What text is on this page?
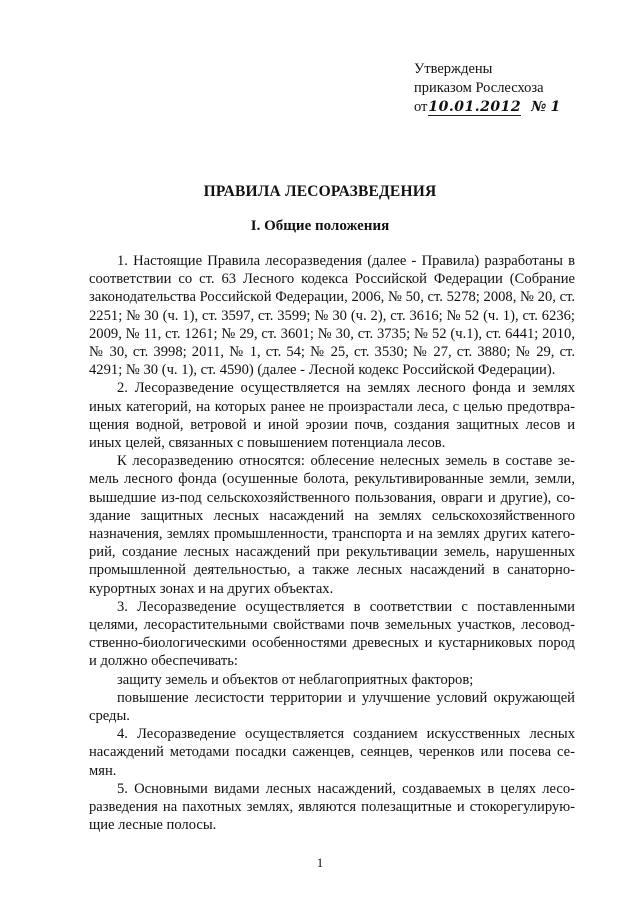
Утверждены
приказом Рослесхоза
от10.01.2012 № 1
ПРАВИЛА ЛЕСОРАЗВЕДЕНИЯ
I. Общие положения

1. Настоящие Правила лесоразведения (далее - Правила) разработаны в соответствии со ст. 63 Лесного кодекса Российской Федерации (Собрание законодательства Российской Федерации, 2006, № 50, ст. 5278; 2008, № 20, ст. 2251; № 30 (ч. 1), ст. 3597, ст. 3599; № 30 (ч. 2), ст. 3616; № 52 (ч. 1), ст. 6236; 2009, № 11, ст. 1261; № 29, ст. 3601; № 30, ст. 3735; № 52 (ч.1), ст. 6441; 2010, № 30, ст. 3998; 2011, № 1, ст. 54; № 25, ст. 3530; № 27, ст. 3880; № 29, ст. 4291; № 30 (ч. 1), ст. 4590) (далее - Лесной кодекс Российской Федерации).

2. Лесоразведение осуществляется на землях лесного фонда и землях иных категорий, на которых ранее не произрастали леса, с целью предотвращения водной, ветровой и иной эрозии почв, создания защитных лесов и иных целей, связанных с повышением потенциала лесов.

К лесоразведению относятся: облесение нелесных земель в составе земель лесного фонда (осушенные болота, рекультивированные земли, земли, вышедшие из-под сельскохозяйственного пользования, овраги и другие), создание защитных лесных насаждений на землях сельскохозяйственного назначения, землях промышленности, транспорта и на землях других категорий, создание лесных насаждений при рекультивации земель, нарушенных промышленной деятельностью, а также лесных насаждений в санаторно-курортных зонах и на других объектах.

3. Лесоразведение осуществляется в соответствии с поставленными целями, лесорастительными свойствами почв земельных участков, лесоводственно-биологическими особенностями древесных и кустарниковых пород и должно обеспечивать:

защиту земель и объектов от неблагоприятных факторов;

повышение лесистости территории и улучшение условий окружающей среды.

4. Лесоразведение осуществляется созданием искусственных лесных насаждений методами посадки саженцев, сеянцев, черенков или посева семян.

5. Основными видами лесных насаждений, создаваемых в целях лесоразведения на пахотных землях, являются полезащитные и стокорегулирующие лесные полосы.

1
